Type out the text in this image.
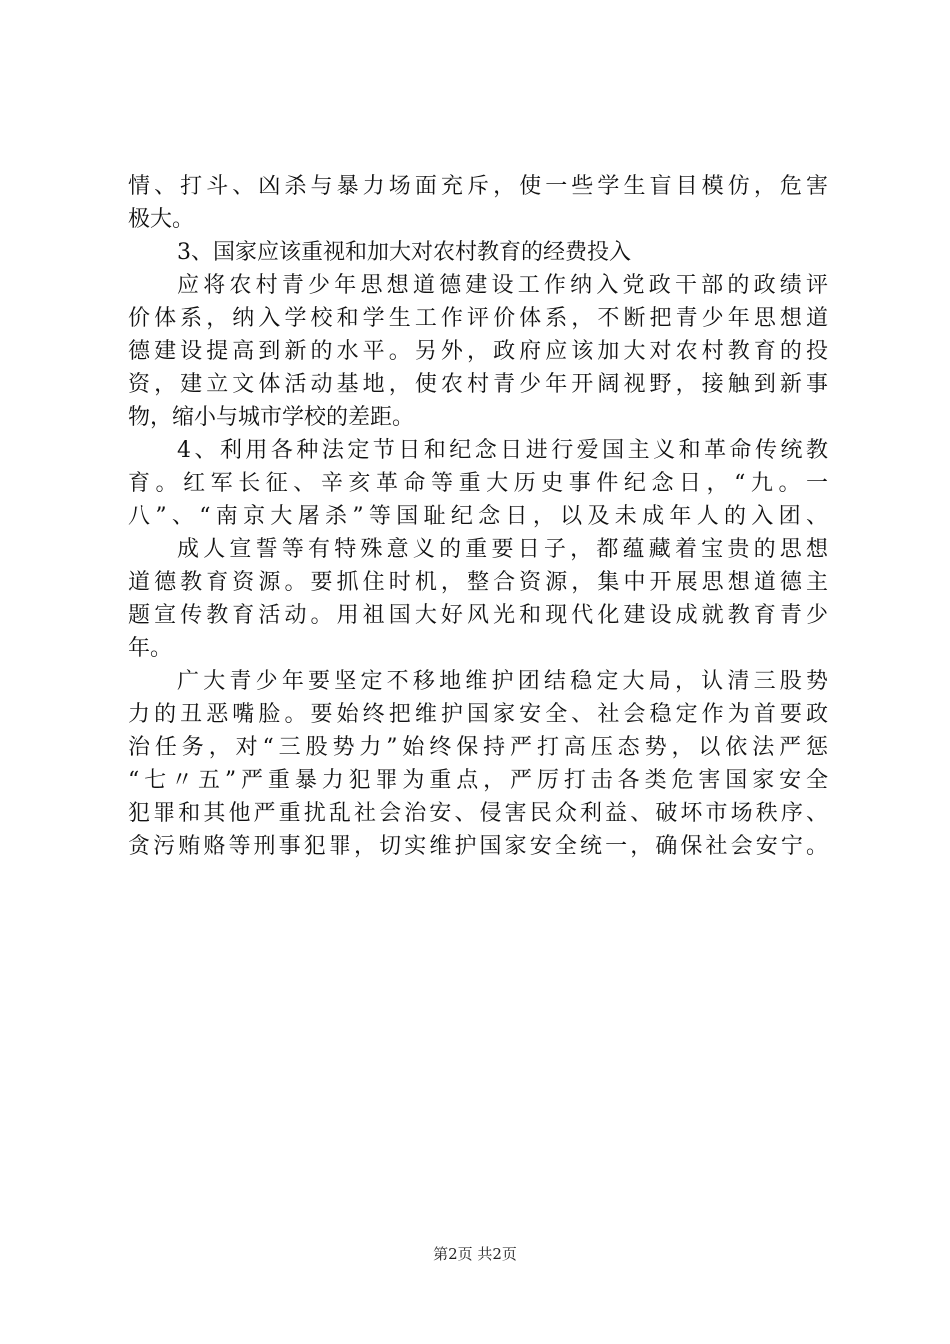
情、打斗、凶杀与暴力场面充斥，使一些学生盲目模仿，危害
极大。
3、国家应该重视和加大对农村教育的经费投入
应将农村青少年思想道德建设工作纳入党政干部的政绩评
价体系，纳入学校和学生工作评价体系，不断把青少年思想道
德建设提高到新的水平。另外，政府应该加大对农村教育的投
资，建立文体活动基地，使农村青少年开阔视野，接触到新事
物，缩小与城市学校的差距。
4、利用各种法定节日和纪念日进行爱国主义和革命传统教
育。红军长征、辛亥革命等重大历史事件纪念日，“九。一
八”、“南京大屠杀”等国耻纪念日，以及未成年人的入团、
成人宣誓等有特殊意义的重要日子，都蕴藏着宝贵的思想
道德教育资源。要抓住时机，整合资源，集中开展思想道德主
题宣传教育活动。用祖国大好风光和现代化建设成就教育青少
年。
广大青少年要坚定不移地维护团结稳定大局，认清三股势
力的丑恶嘴脸。要始终把维护国家安全、社会稳定作为首要政
治任务，对“三股势力”始终保持严打高压态势，以依法严惩
“七〃五”严重暴力犯罪为重点，严厉打击各类危害国家安全
犯罪和其他严重扰乱社会治安、侵害民众利益、破坏市场秩序、
贪污贿赂等刑事犯罪，切实维护国家安全统一，确保社会安宁。
第2页 共2页
